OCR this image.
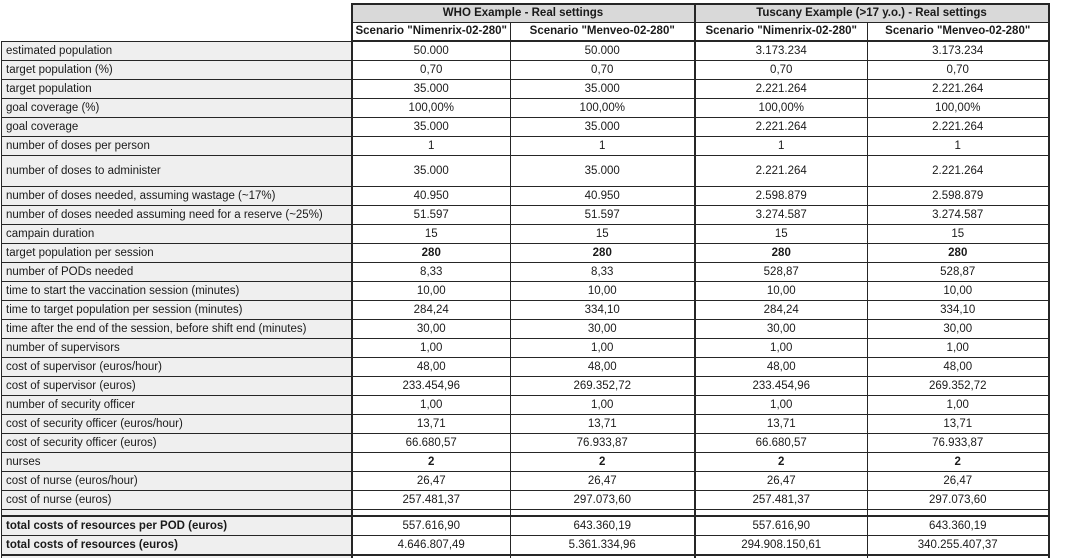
	WHO Example - Real settings		Tuscany Example (>17 y.o.) - Real settings	
	Scenario "Nimenrix-02-280"	Scenario "Menveo-02-280"	Scenario "Nimenrix-02-280"	Scenario "Menveo-02-280"
estimated population	50.000	50.000	3.173.234	3.173.234
target population (%)	0,70	0,70	0,70	0,70
target population	35.000	35.000	2.221.264	2.221.264
goal coverage (%)	100,00%	100,00%	100,00%	100,00%
goal coverage	35.000	35.000	2.221.264	2.221.264
number of doses per person	1	1	1	1
number of doses to administer	35.000	35.000	2.221.264	2.221.264
number of doses needed, assuming wastage (~17%)	40.950	40.950	2.598.879	2.598.879
number of doses needed assuming need for a reserve (~25%)	51.597	51.597	3.274.587	3.274.587
campain duration	15	15	15	15
target population per session	280	280	280	280
number of PODs needed	8,33	8,33	528,87	528,87
time to start the vaccination session (minutes)	10,00	10,00	10,00	10,00
time to target population per session (minutes)	284,24	334,10	284,24	334,10
time after the end of the session, before shift end (minutes)	30,00	30,00	30,00	30,00
number of supervisors	1,00	1,00	1,00	1,00
cost of supervisor (euros/hour)	48,00	48,00	48,00	48,00
cost of supervisor (euros)	233.454,96	269.352,72	233.454,96	269.352,72
number of security officer	1,00	1,00	1,00	1,00
cost of security officer (euros/hour)	13,71	13,71	13,71	13,71
cost of security officer (euros)	66.680,57	76.933,87	66.680,57	76.933,87
nurses	2	2	2	2
cost of nurse (euros/hour)	26,47	26,47	26,47	26,47
cost of nurse (euros)	257.481,37	297.073,60	257.481,37	297.073,60

total costs of resources per POD (euros)	557.616,90	643.360,19	557.616,90	643.360,19
total costs of resources (euros)	4.646.807,49	5.361.334,96	294.908.150,61	340.255.407,37
